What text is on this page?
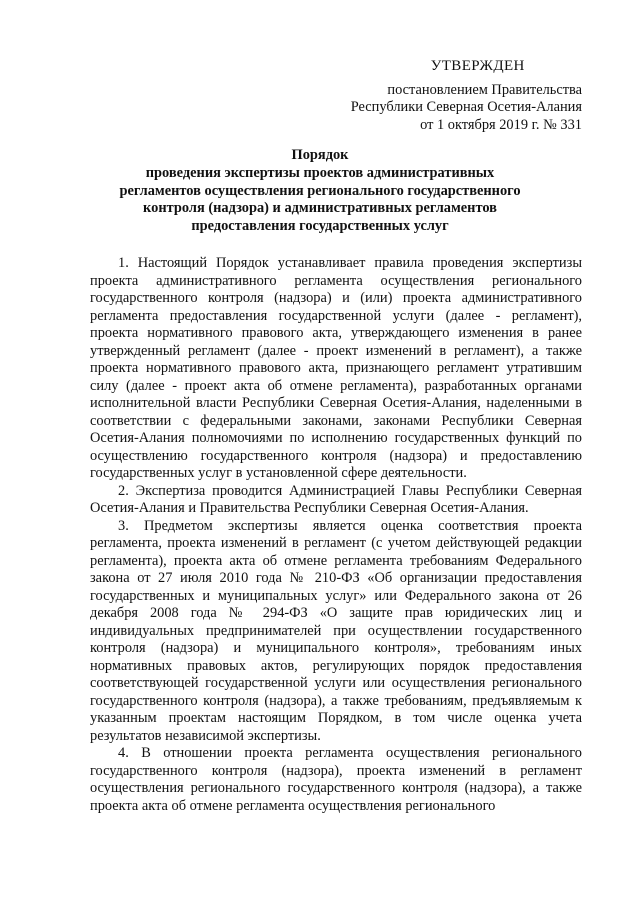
УТВЕРЖДЕН
постановлением Правительства
Республики Северная Осетия-Алания
от 1 октября 2019 г. № 331
Порядок
проведения экспертизы проектов административных регламентов осуществления регионального государственного контроля (надзора) и административных регламентов предоставления государственных услуг

1. Настоящий Порядок устанавливает правила проведения экспертизы проекта административного регламента осуществления регионального государственного контроля (надзора) и (или) проекта административного регламента предоставления государственной услуги (далее - регламент), проекта нормативного правового акта, утверждающего изменения в ранее утвержденный регламент (далее - проект изменений в регламент), а также проекта нормативного правового акта, признающего регламент утратившим силу (далее - проект акта об отмене регламента), разработанных органами исполнительной власти Республики Северная Осетия-Алания, наделенными в соответствии с федеральными законами, законами Республики Северная Осетия-Алания полномочиями по исполнению государственных функций по осуществлению государственного контроля (надзора) и предоставлению государственных услуг в установленной сфере деятельности.

2. Экспертиза проводится Администрацией Главы Республики Северная Осетия-Алания и Правительства Республики Северная Осетия-Алания.

3. Предметом экспертизы является оценка соответствия проекта регламента, проекта изменений в регламент (с учетом действующей редакции регламента), проекта акта об отмене регламента требованиям Федерального закона от 27 июля 2010 года № 210-ФЗ «Об организации предоставления государственных и муниципальных услуг» или Федерального закона от 26 декабря 2008 года № 294-ФЗ «О защите прав юридических лиц и индивидуальных предпринимателей при осуществлении государственного контроля (надзора) и муниципального контроля», требованиям иных нормативных правовых актов, регулирующих порядок предоставления соответствующей государственной услуги или осуществления регионального государственного контроля (надзора), а также требованиям, предъявляемым к указанным проектам настоящим Порядком, в том числе оценка учета результатов независимой экспертизы.

4. В отношении проекта регламента осуществления регионального государственного контроля (надзора), проекта изменений в регламент осуществления регионального государственного контроля (надзора), а также проекта акта об отмене регламента осуществления регионального
